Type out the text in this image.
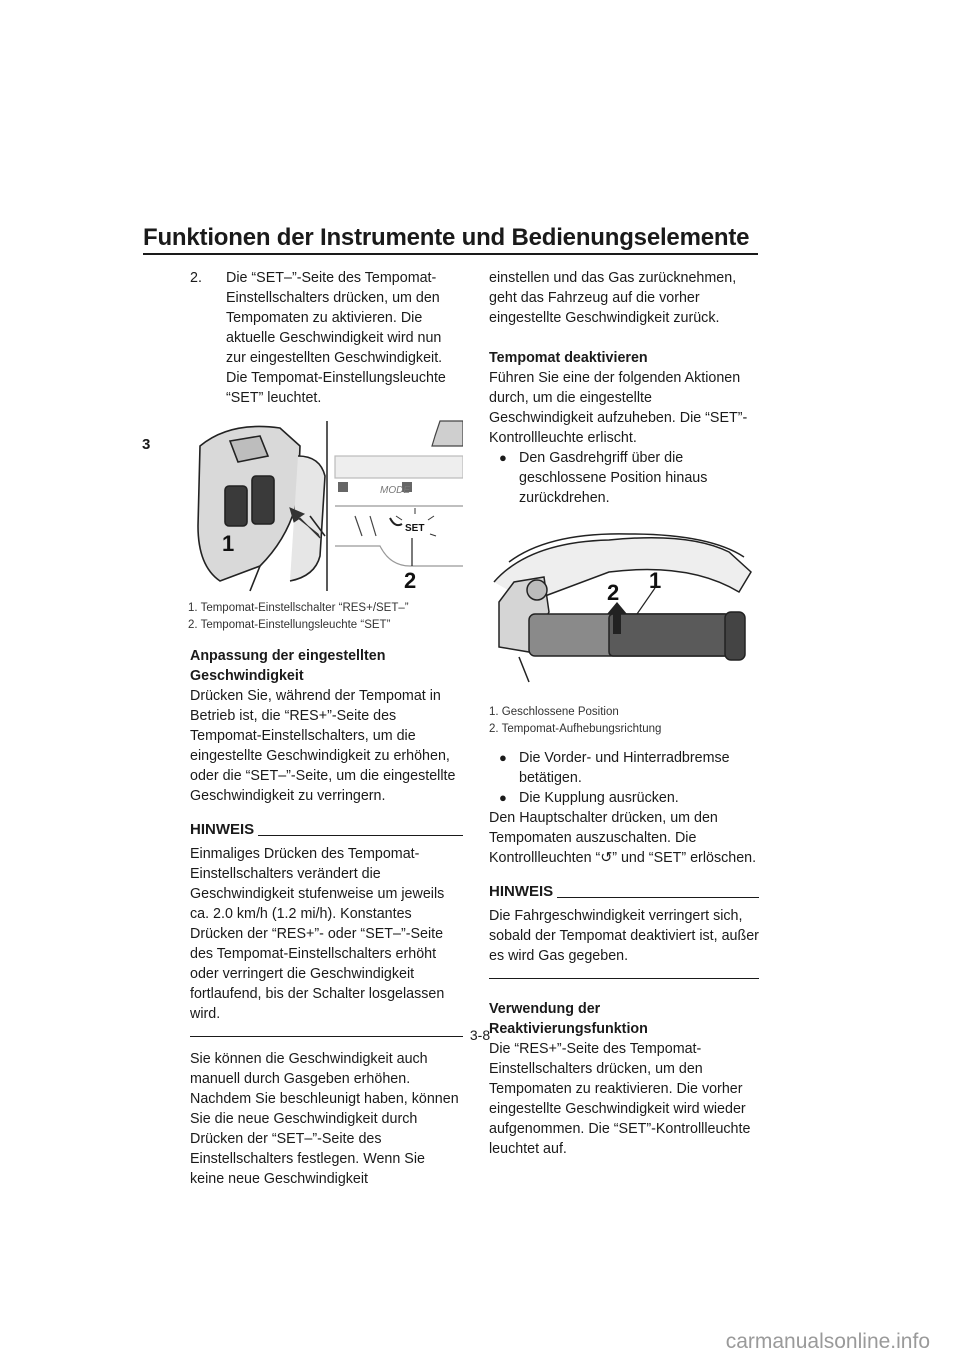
Funktionen der Instrumente und Bedienungselemente
3
2.	Die “SET–”-Seite des Tempomat-Einstellschalters drücken, um den Tempomaten zu aktivieren. Die aktuelle Geschwindigkeit wird nun zur eingestellten Geschwindigkeit. Die Tempomat-Einstellungsleuchte “SET” leuchtet.
1
MODE
SET
2

1. Tempomat-Einstellschalter “RES+/SET–”

2. Tempomat-Einstellungsleuchte “SET”

Anpassung der eingestellten Geschwindigkeit

Drücken Sie, während der Tempomat in Betrieb ist, die “RES+”-Seite des Tempomat-Einstellschalters, um die eingestellte Geschwindigkeit zu erhöhen, oder die “SET–”-Seite, um die eingestellte Geschwindigkeit zu verringern.

HINWEIS

Einmaliges Drücken des Tempomat-Einstellschalters verändert die Geschwindigkeit stufenweise um jeweils ca. 2.0 km/h (1.2 mi/h). Konstantes Drücken der “RES+”- oder “SET–”-Seite des Tempomat-Einstellschalters erhöht oder verringert die Geschwindigkeit fortlaufend, bis der Schalter losgelassen wird.

Sie können die Geschwindigkeit auch manuell durch Gasgeben erhöhen. Nachdem Sie beschleunigt haben, können Sie die neue Geschwindigkeit durch Drücken der “SET–”-Seite des Einstellschalters festlegen. Wenn Sie keine neue Geschwindigkeit

einstellen und das Gas zurücknehmen, geht das Fahrzeug auf die vorher eingestellte Geschwindigkeit zurück.

Tempomat deaktivieren

Führen Sie eine der folgenden Aktionen durch, um die eingestellte Geschwindigkeit aufzuheben. Die “SET”-Kontrollleuchte erlischt.

● Den Gasdrehgriff über die geschlossene Position hinaus zurückdrehen.
2 1

1. Geschlossene Position

2. Tempomat-Aufhebungsrichtung

● Die Vorder- und Hinterradbremse betätigen.
● Die Kupplung ausrücken.

Den Hauptschalter drücken, um den Tempomaten auszuschalten. Die Kontrollleuchten “↺” und “SET” erlöschen.

HINWEIS

Die Fahrgeschwindigkeit verringert sich, sobald der Tempomat deaktiviert ist, außer es wird Gas gegeben.

Verwendung der Reaktivierungsfunktion

Die “RES+”-Seite des Tempomat-Einstellschalters drücken, um den Tempomaten zu reaktivieren. Die vorher eingestellte Geschwindigkeit wird wieder aufgenommen. Die “SET”-Kontrollleuchte leuchtet auf.

3-8
carmanualsonline.info
